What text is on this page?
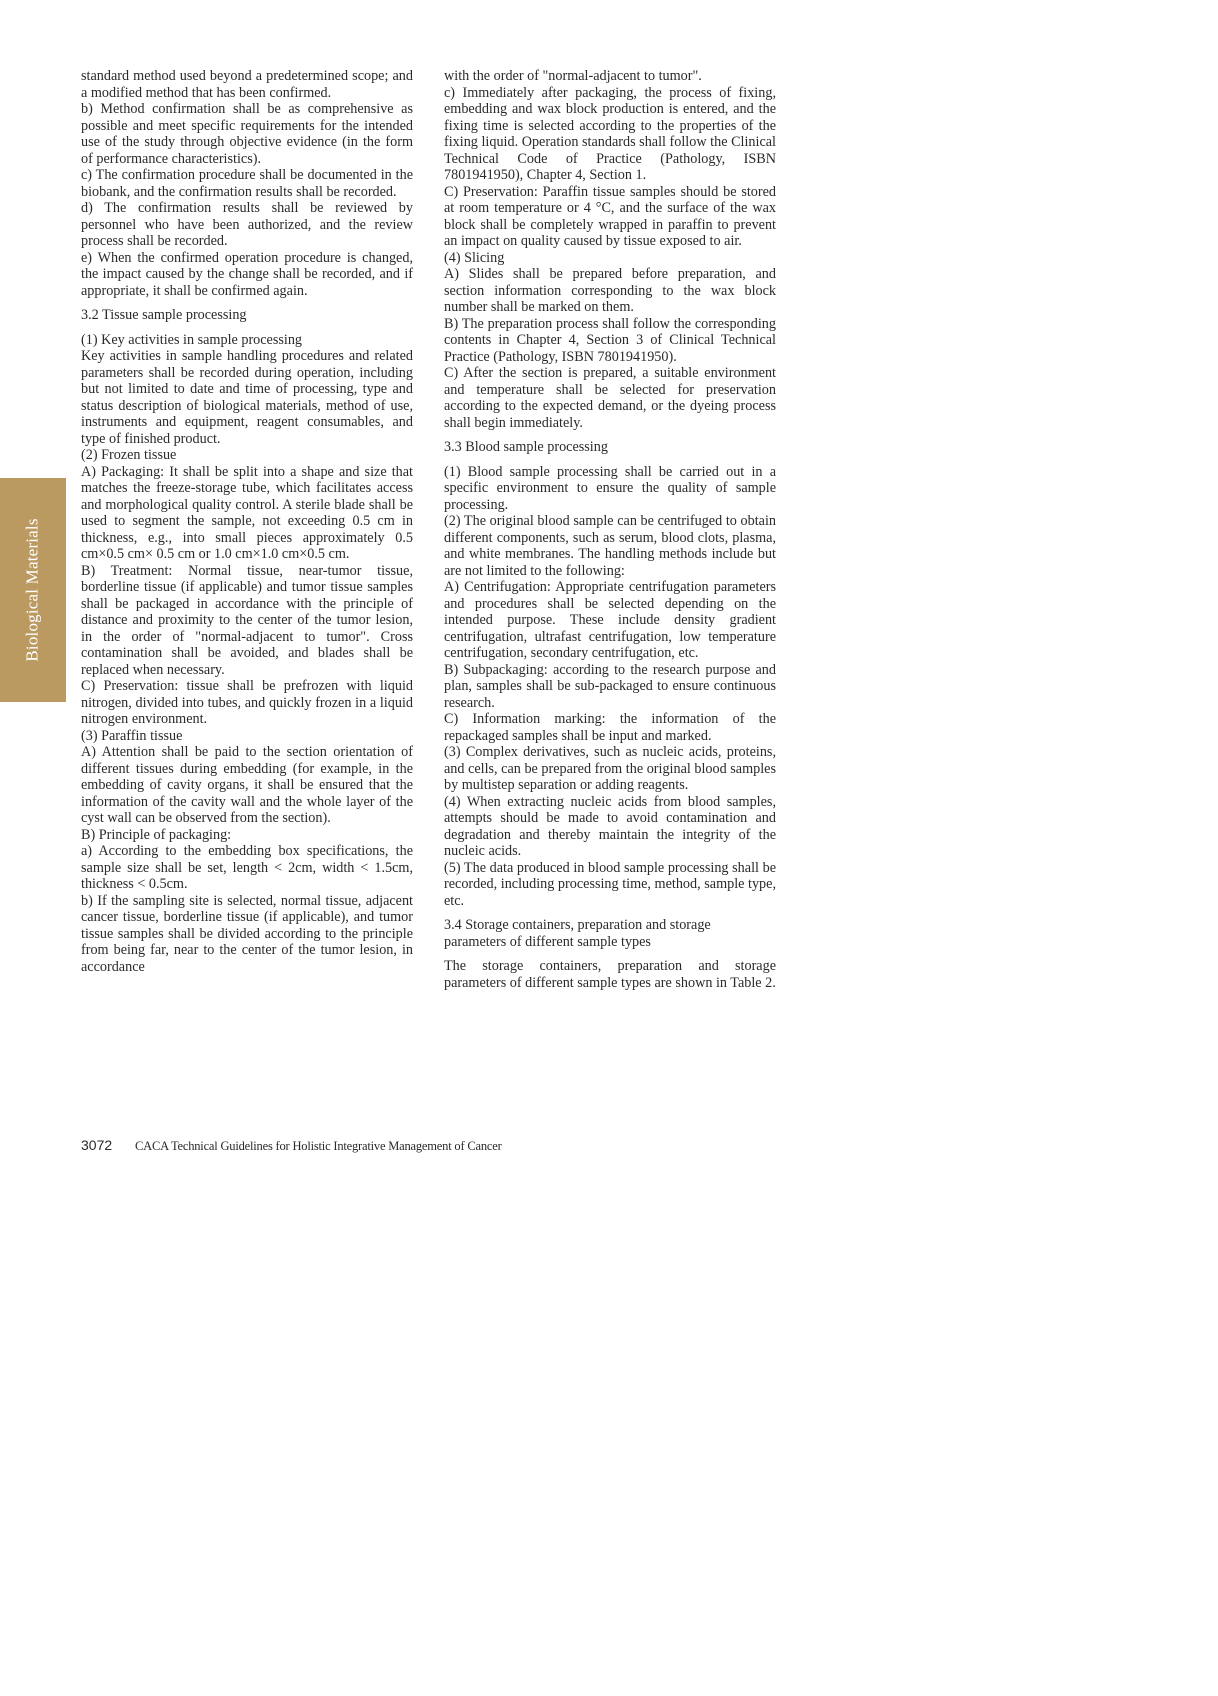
Biological Materials

standard method used beyond a predetermined scope; and a modified method that has been confirmed.

b) Method confirmation shall be as comprehensive as possible and meet specific requirements for the intended use of the study through objective evidence (in the form of performance characteristics).

c) The confirmation procedure shall be documented in the biobank, and the confirmation results shall be recorded.

d) The confirmation results shall be reviewed by personnel who have been authorized, and the review process shall be recorded.

e) When the confirmed operation procedure is changed, the impact caused by the change shall be recorded, and if appropriate, it shall be confirmed again.

3.2 Tissue sample processing

(1) Key activities in sample processing

Key activities in sample handling procedures and related parameters shall be recorded during operation, including but not limited to date and time of processing, type and status description of biological materials, method of use, instruments and equipment, reagent consumables, and type of finished product.

(2) Frozen tissue

A) Packaging: It shall be split into a shape and size that matches the freeze-storage tube, which facilitates access and morphological quality control. A sterile blade shall be used to segment the sample, not exceeding 0.5 cm in thickness, e.g., into small pieces approximately 0.5 cm×0.5 cm× 0.5 cm or 1.0 cm×1.0 cm×0.5 cm.

B) Treatment: Normal tissue, near-tumor tissue, borderline tissue (if applicable) and tumor tissue samples shall be packaged in accordance with the principle of distance and proximity to the center of the tumor lesion, in the order of "normal-adjacent to tumor". Cross contamination shall be avoided, and blades shall be replaced when necessary.

C) Preservation: tissue shall be prefrozen with liquid nitrogen, divided into tubes, and quickly frozen in a liquid nitrogen environment.

(3) Paraffin tissue

A) Attention shall be paid to the section orientation of different tissues during embedding (for example, in the embedding of cavity organs, it shall be ensured that the information of the cavity wall and the whole layer of the cyst wall can be observed from the section).

B) Principle of packaging:

a) According to the embedding box specifications, the sample size shall be set, length < 2cm, width < 1.5cm, thickness < 0.5cm.

b) If the sampling site is selected, normal tissue, adjacent cancer tissue, borderline tissue (if applicable), and tumor tissue samples shall be divided according to the principle from being far, near to the center of the tumor lesion, in accordance

with the order of "normal-adjacent to tumor".

c) Immediately after packaging, the process of fixing, embedding and wax block production is entered, and the fixing time is selected according to the properties of the fixing liquid. Operation standards shall follow the Clinical Technical Code of Practice (Pathology, ISBN 7801941950), Chapter 4, Section 1.

C) Preservation: Paraffin tissue samples should be stored at room temperature or 4 °C, and the surface of the wax block shall be completely wrapped in paraffin to prevent an impact on quality caused by tissue exposed to air.

(4) Slicing

A) Slides shall be prepared before preparation, and section information corresponding to the wax block number shall be marked on them.

B) The preparation process shall follow the corresponding contents in Chapter 4, Section 3 of Clinical Technical Practice (Pathology, ISBN 7801941950).

C) After the section is prepared, a suitable environment and temperature shall be selected for preservation according to the expected demand, or the dyeing process shall begin immediately.

3.3 Blood sample processing

(1) Blood sample processing shall be carried out in a specific environment to ensure the quality of sample processing.

(2) The original blood sample can be centrifuged to obtain different components, such as serum, blood clots, plasma, and white membranes. The handling methods include but are not limited to the following:

A) Centrifugation: Appropriate centrifugation parameters and procedures shall be selected depending on the intended purpose. These include density gradient centrifugation, ultrafast centrifugation, low temperature centrifugation, secondary centrifugation, etc.

B) Subpackaging: according to the research purpose and plan, samples shall be sub-packaged to ensure continuous research.

C) Information marking: the information of the repackaged samples shall be input and marked.

(3) Complex derivatives, such as nucleic acids, proteins, and cells, can be prepared from the original blood samples by multistep separation or adding reagents.

(4) When extracting nucleic acids from blood samples, attempts should be made to avoid contamination and degradation and thereby maintain the integrity of the nucleic acids.

(5) The data produced in blood sample processing shall be recorded, including processing time, method, sample type, etc.

3.4 Storage containers, preparation and storage parameters of different sample types

The storage containers, preparation and storage parameters of different sample types are shown in Table 2.

3072	CACA Technical Guidelines for Holistic Integrative Management of Cancer
